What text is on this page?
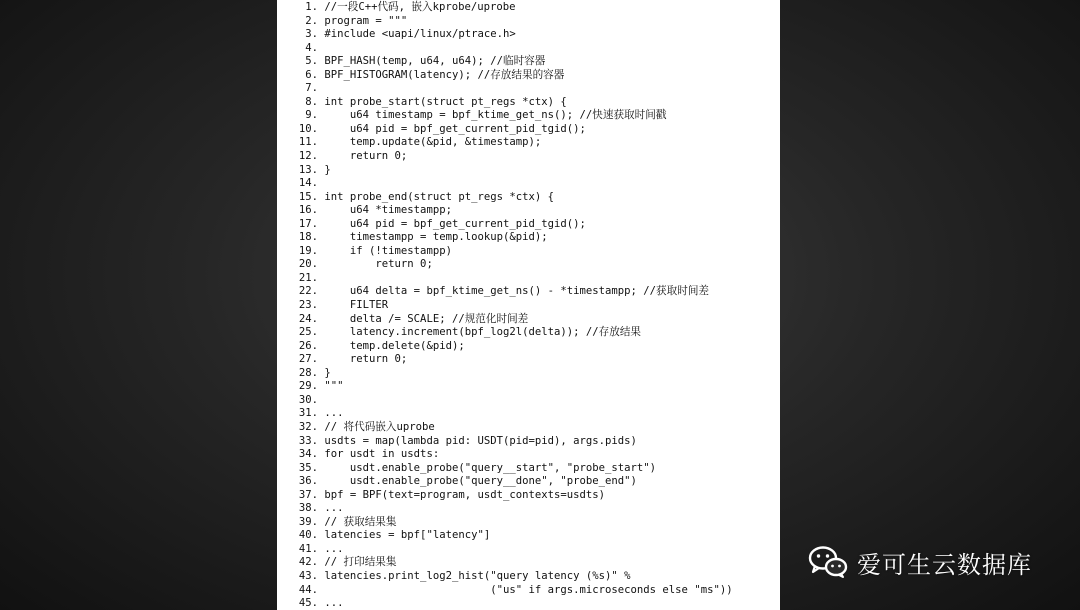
1. //一段C++代码, 嵌入kprobe/uprobe
2. program = """
3. #include <uapi/linux/ptrace.h>
4.
5. BPF_HASH(temp, u64, u64); //临时容器
6. BPF_HISTOGRAM(latency); //存放结果的容器
7.
8. int probe_start(struct pt_regs *ctx) {
9.     u64 timestamp = bpf_ktime_get_ns(); //快速获取时间戳
10.     u64 pid = bpf_get_current_pid_tgid();
11.     temp.update(&pid, &timestamp);
12.     return 0;
13. }
14.
15. int probe_end(struct pt_regs *ctx) {
16.     u64 *timestampp;
17.     u64 pid = bpf_get_current_pid_tgid();
18.     timestampp = temp.lookup(&pid);
19.     if (!timestampp)
20.         return 0;
21.
22.     u64 delta = bpf_ktime_get_ns() - *timestampp; //获取时间差
23.     FILTER
24.     delta /= SCALE; //规范化时间差
25.     latency.increment(bpf_log2l(delta)); //存放结果
26.     temp.delete(&pid);
27.     return 0;
28. }
29. """
30.
31. ...
32. // 将代码嵌入uprobe
33. usdts = map(lambda pid: USDT(pid=pid), args.pids)
34. for usdt in usdts:
35.     usdt.enable_probe("query__start", "probe_start")
36.     usdt.enable_probe("query__done", "probe_end")
37. bpf = BPF(text=program, usdt_contexts=usdts)
38. ...
39. // 获取结果集
40. latencies = bpf["latency"]
41. ...
42. // 打印结果集
43. latencies.print_log2_hist("query latency (%s)" %
44.                           ("us" if args.microseconds else "ms"))
45. ...
爱可生云数据库
